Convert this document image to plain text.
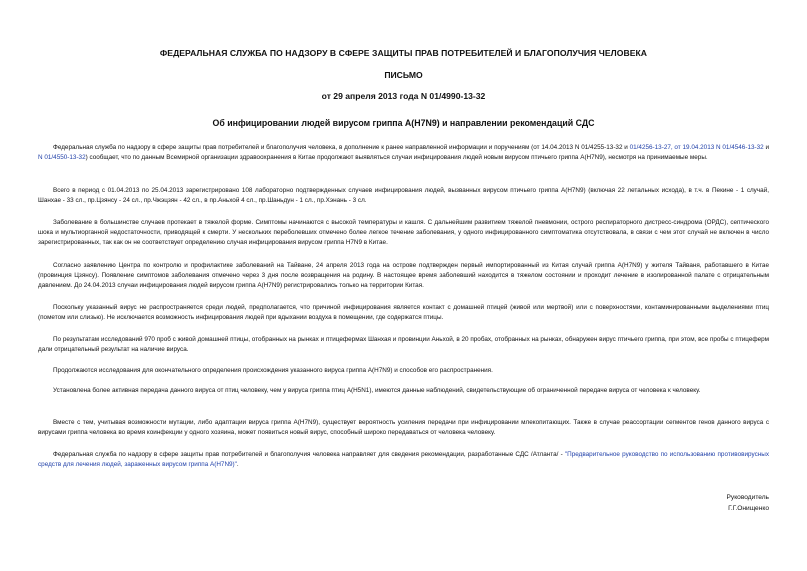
ФЕДЕРАЛЬНАЯ СЛУЖБА ПО НАДЗОРУ В СФЕРЕ ЗАЩИТЫ ПРАВ ПОТРЕБИТЕЛЕЙ И БЛАГОПОЛУЧИЯ ЧЕЛОВЕКА
ПИСЬМО
от 29 апреля 2013 года N 01/4990-13-32
Об инфицировании людей вирусом гриппа A(H7N9) и направлении рекомендаций СДС

Федеральная служба по надзору в сфере защиты прав потребителей и благополучия человека, в дополнение к ранее направленной информации и поручениям (от 14.04.2013 N 01/4255-13-32 и 01/4256-13-27, от 19.04.2013 N 01/4546-13-32 и N 01/4550-13-32) сообщает, что по данным Всемирной организации здравоохранения в Китае продолжают выявляться случаи инфицирования людей новым вирусом птичьего гриппа A(H7N9), несмотря на принимаемые меры.

Всего в период с 01.04.2013 по 25.04.2013 зарегистрировано 108 лабораторно подтвержденных случаев инфицирования людей, вызванных вирусом птичьего гриппа A(H7N9) (включая 22 летальных исхода), в т.ч. в Пекине - 1 случай, Шанхае - 33 сл., пр.Цзянсу - 24 сл., пр.Чжэцзян - 42 сл., в пр.Аньхой 4 сл., пр.Шаньдун - 1 сл., пр.Хэнань - 3 сл.

Заболевание в большинстве случаев протекает в тяжелой форме. Симптомы начинаются с высокой температуры и кашля. С дальнейшим развитием тяжелой пневмонии, острого респираторного дистресс-синдрома (ОРДС), септического шока и мультиорганной недостаточности, приводящей к смерти. У нескольких переболевших отмечено более легкое течение заболевания, у одного инфицированного симптоматика отсутствовала, в связи с чем этот случай не включен в число зарегистрированных, так как он не соответствует определению случая инфицирования вирусом гриппа H7N9 в Китае.

Согласно заявлению Центра по контролю и профилактике заболеваний на Тайване, 24 апреля 2013 года на острове подтвержден первый импортированный из Китая случай гриппа A(H7N9) у жителя Тайваня, работавшего в Китае (провинция Цзянсу). Появление симптомов заболевания отмечено через 3 дня после возвращения на родину. В настоящее время заболевший находится в тяжелом состоянии и проходит лечение в изолированной палате с отрицательным давлением. До 24.04.2013 случаи инфицирования людей вирусом гриппа A(H7N9) регистрировались только на территории Китая.

Поскольку указанный вирус не распространяется среди людей, предполагается, что причиной инфицирования является контакт с домашней птицей (живой или мертвой) или с поверхностями, контаминированными выделениями птиц (пометом или слизью). Не исключается возможность инфицирования людей при вдыхании воздуха в помещении, где содержатся птицы.

По результатам исследований 970 проб с живой домашней птицы, отобранных на рынках и птицефермах Шанхая и провинции Аньхой, в 20 пробах, отобранных на рынках, обнаружен вирус птичьего гриппа, при этом, все пробы с птицеферм дали отрицательный результат на наличие вируса.

Продолжаются исследования для окончательного определения происхождения указанного вируса гриппа A(H7N9) и способов его распространения.

Установлена более активная передача данного вируса от птиц человеку, чем у вируса гриппа птиц A(H5N1), имеются данные наблюдений, свидетельствующие об ограниченной передаче вируса от человека к человеку.

Вместе с тем, учитывая возможности мутации, либо адаптации вируса гриппа A(H7N9), существует вероятность усиления передачи при инфицировании млекопитающих. Также в случае реассортации сегментов генов данного вируса с вирусами гриппа человека во время коинфекции у одного хозяина, может появиться новый вирус, способный широко передаваться от человека человеку.

Федеральная служба по надзору в сфере защиты прав потребителей и благополучия человека направляет для сведения рекомендации, разработанные СДС /Атланта/ - "Предварительное руководство по использованию противовирусных средств для лечения людей, зараженных вирусом гриппа A(H7N9)".

Руководитель
Г.Г.Онищенко
